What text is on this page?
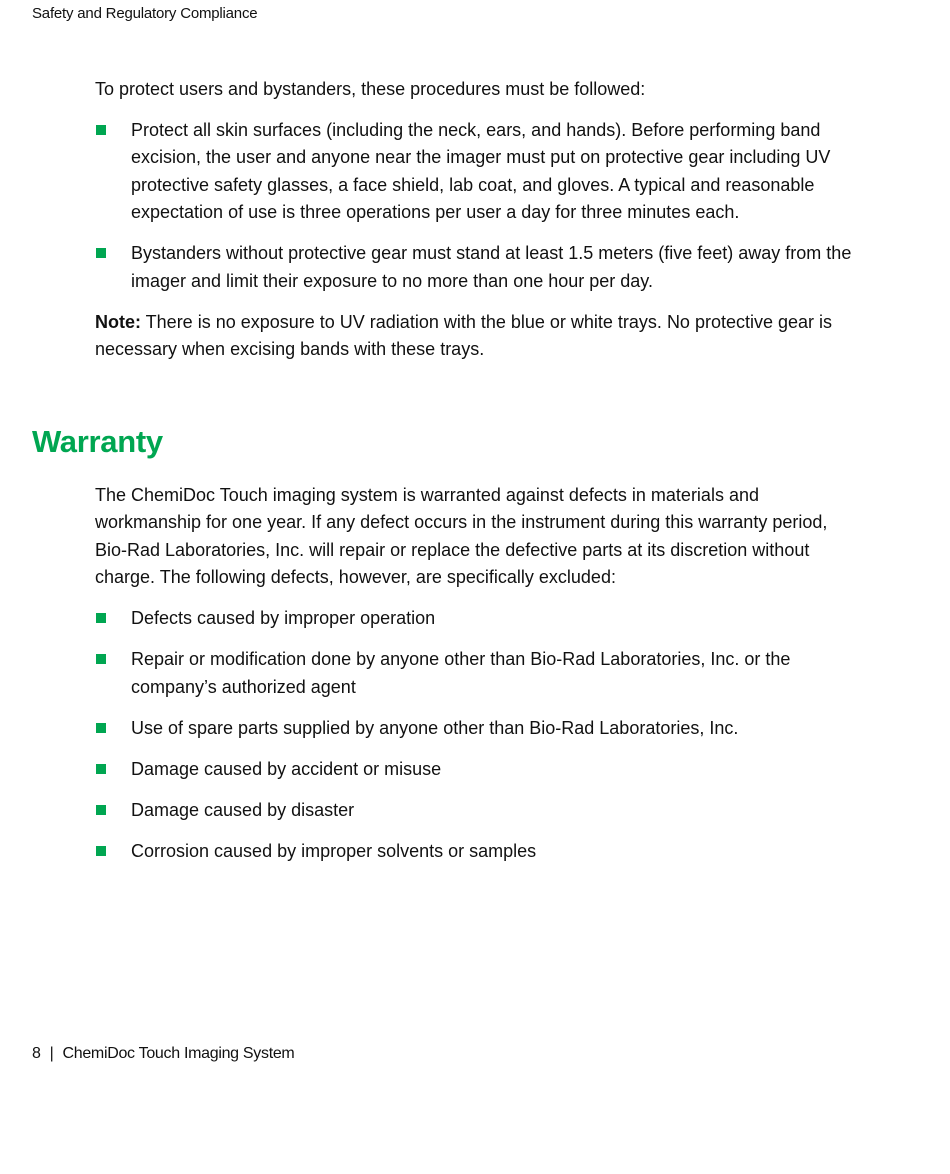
Safety and Regulatory Compliance

To protect users and bystanders, these procedures must be followed:

Protect all skin surfaces (including the neck, ears, and hands). Before performing band excision, the user and anyone near the imager must put on protective gear including UV protective safety glasses, a face shield, lab coat, and gloves. A typical and reasonable expectation of use is three operations per user a day for three minutes each.
Bystanders without protective gear must stand at least 1.5 meters (five feet) away from the imager and limit their exposure to no more than one hour per day.

Note: There is no exposure to UV radiation with the blue or white trays. No protective gear is necessary when excising bands with these trays.

Warranty

The ChemiDoc Touch imaging system is warranted against defects in materials and workmanship for one year. If any defect occurs in the instrument during this warranty period, Bio-Rad Laboratories, Inc. will repair or replace the defective parts at its discretion without charge. The following defects, however, are specifically excluded:

Defects caused by improper operation
Repair or modification done by anyone other than Bio-Rad Laboratories, Inc. or the company’s authorized agent
Use of spare parts supplied by anyone other than Bio-Rad Laboratories, Inc.
Damage caused by accident or misuse
Damage caused by disaster
Corrosion caused by improper solvents or samples
8 | ChemiDoc Touch Imaging System
